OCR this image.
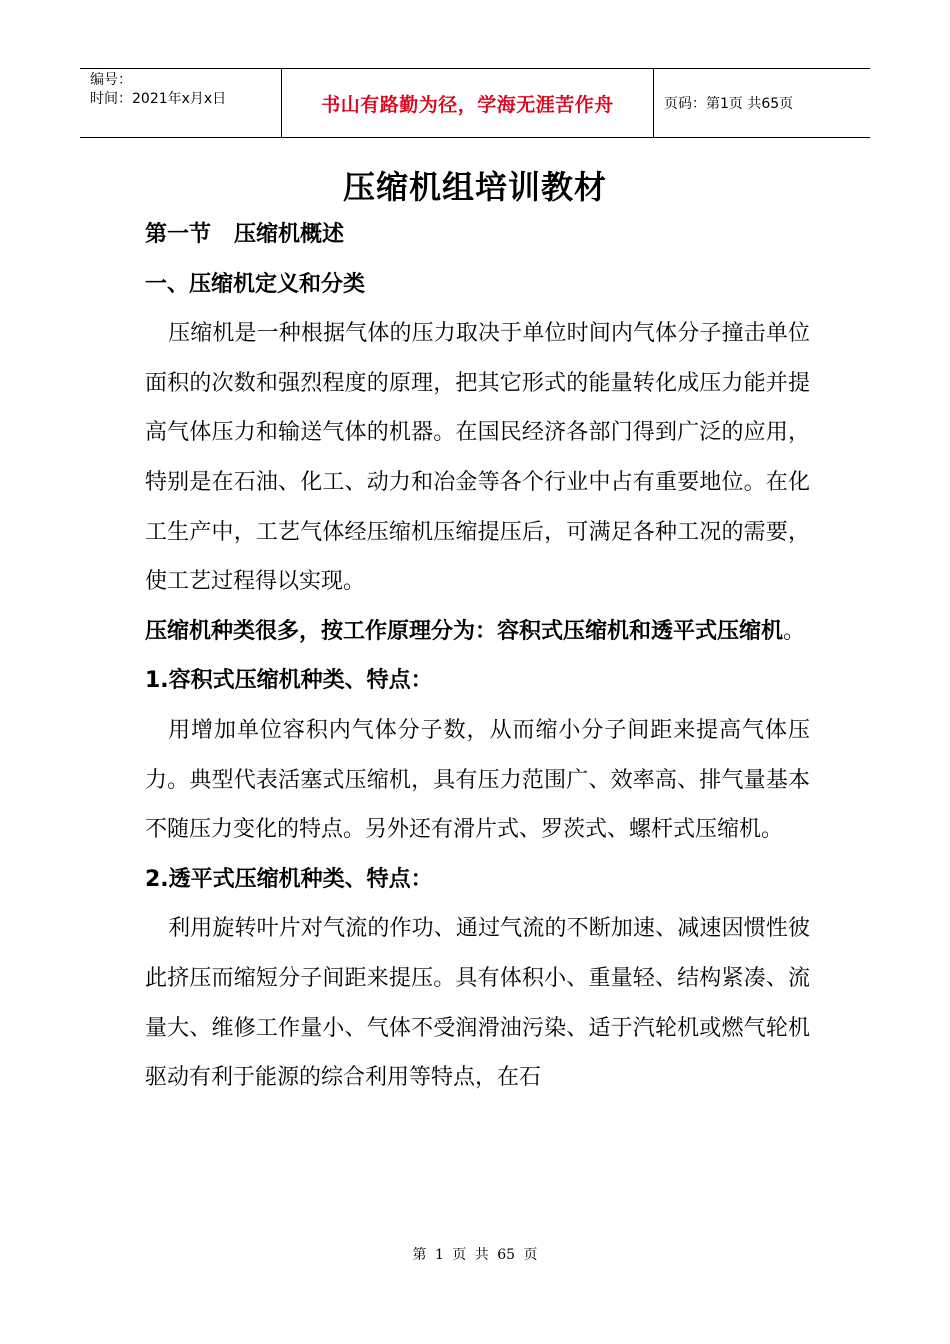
编号：
时间：2021年x月x日	书山有路勤为径，学海无涯苦作舟	页码：第1页 共65页
压缩机组培训教材

第一节   压缩机概述

一、压缩机定义和分类

压缩机是一种根据气体的压力取决于单位时间内气体分子撞击单位面积的次数和强烈程度的原理，把其它形式的能量转化成压力能并提高气体压力和输送气体的机器。在国民经济各部门得到广泛的应用，特别是在石油、化工、动力和冶金等各个行业中占有重要地位。在化工生产中，工艺气体经压缩机压缩提压后，可满足各种工况的需要，使工艺过程得以实现。

压缩机种类很多，按工作原理分为：容积式压缩机和透平式压缩机。

1.容积式压缩机种类、特点：

用增加单位容积内气体分子数，从而缩小分子间距来提高气体压力。典型代表活塞式压缩机，具有压力范围广、效率高、排气量基本不随压力变化的特点。另外还有滑片式、罗茨式、螺杆式压缩机。

2.透平式压缩机种类、特点：

利用旋转叶片对气流的作功、通过气流的不断加速、减速因惯性彼此挤压而缩短分子间距来提压。具有体积小、重量轻、结构紧凑、流量大、维修工作量小、气体不受润滑油污染、适于汽轮机或燃气轮机驱动有利于能源的综合利用等特点，在石

第 1 页 共 65 页
